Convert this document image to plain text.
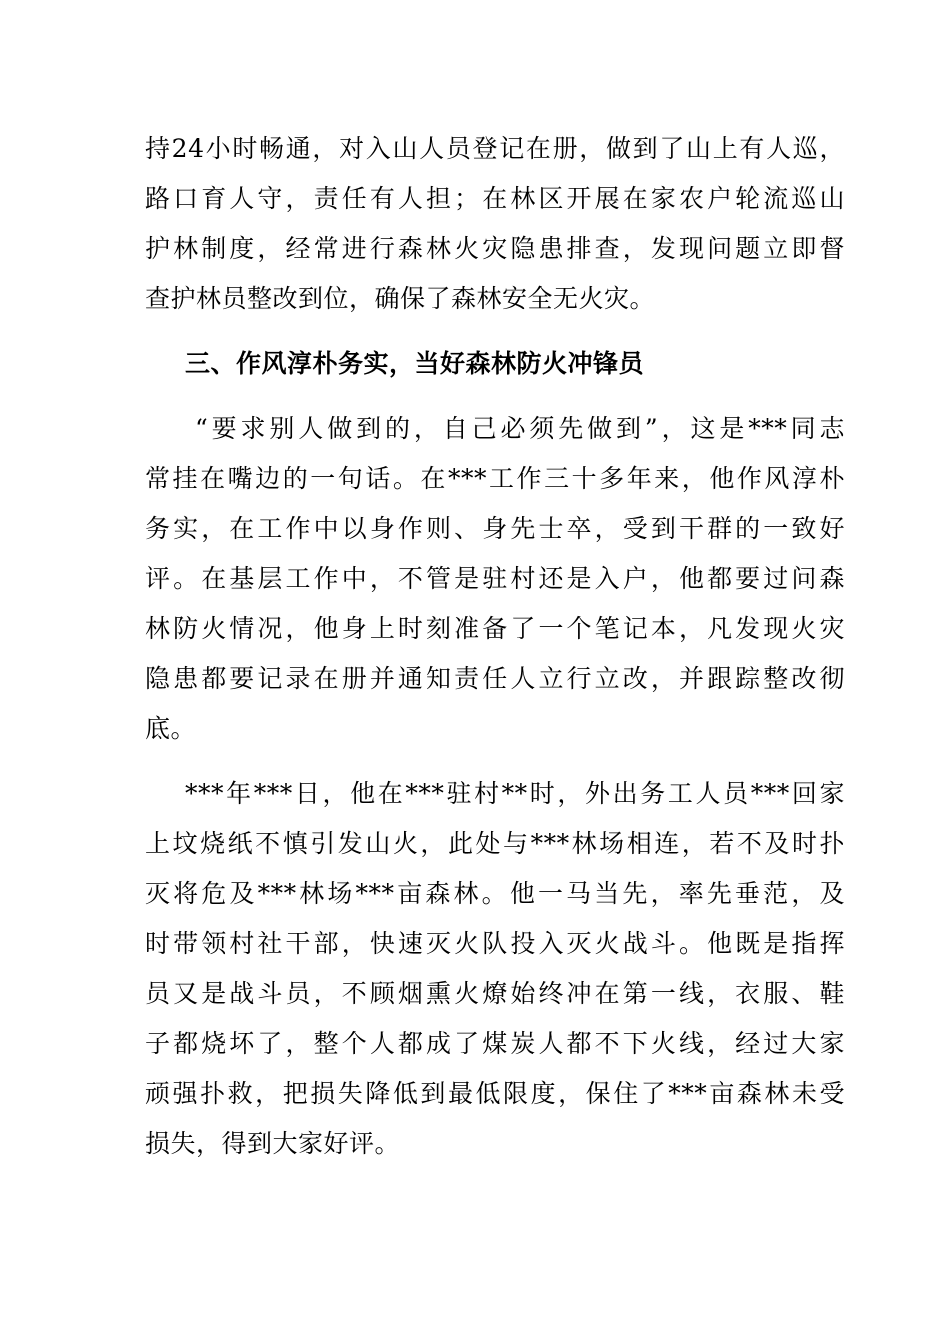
持24小时畅通，对入山人员登记在册，做到了山上有人巡，
路口育人守，责任有人担；在林区开展在家农户轮流巡山
护林制度，经常进行森林火灾隐患排查，发现问题立即督
查护林员整改到位，确保了森林安全无火灾。

三、作风淳朴务实，当好森林防火冲锋员

“要求别人做到的，自己必须先做到”，这是***同志
常挂在嘴边的一句话。在***工作三十多年来，他作风淳朴
务实，在工作中以身作则、身先士卒，受到干群的一致好
评。在基层工作中，不管是驻村还是入户，他都要过问森
林防火情况，他身上时刻准备了一个笔记本，凡发现火灾
隐患都要记录在册并通知责任人立行立改，并跟踪整改彻
底。

***年***日，他在***驻村**时，外出务工人员***回家
上坟烧纸不慎引发山火，此处与***林场相连，若不及时扑
灭将危及***林场***亩森林。他一马当先，率先垂范，及
时带领村社干部，快速灭火队投入灭火战斗。他既是指挥
员又是战斗员，不顾烟熏火燎始终冲在第一线，衣服、鞋
子都烧坏了，整个人都成了煤炭人都不下火线，经过大家
顽强扑救，把损失降低到最低限度，保住了***亩森林未受
损失，得到大家好评。
